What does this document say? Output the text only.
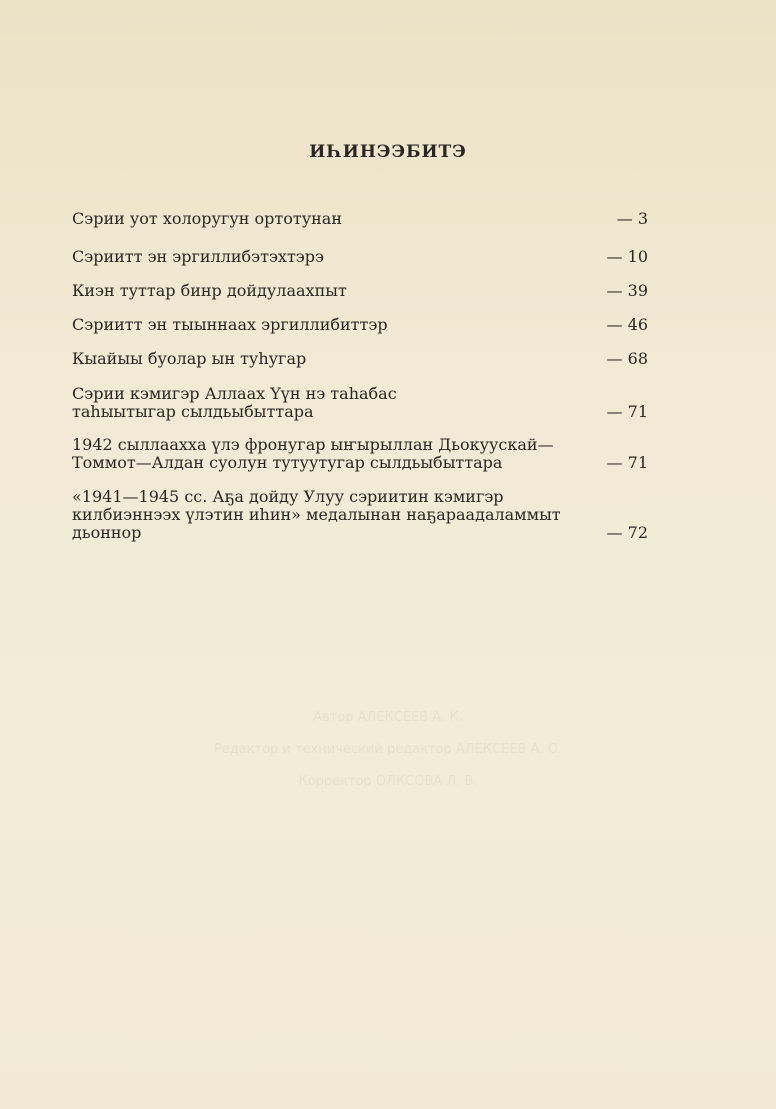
ИҺИНЭЭБИТЭ
Сэрии уот холоругун ортотунан	— 3
Сэриитт эн эргиллибэтэхтэрэ	— 10
Киэн туттар бинр дойдулаахпыт	— 39
Сэриитт эн тыыннаах эргиллибиттэр	— 46
Кыайыы буолар ын туһугар	— 68
Сэрии кэмигэр Аллаах Үүн нэ таһабас
таһыытыгар сылдьыбыттара	— 71
1942 сыллаахха үлэ фронугар ыҥырыллан Дьокуускай—
Томмот—Алдан суолун тутуутугар сылдьыбыттара	— 71
«1941—1945 сс. Аҕа дойду Улуу сэриитин кэмигэр
килбиэннээх үлэтин иһин» медалынан наҕараадаламмыт
дьоннор	— 72
Автор АЛЕКСЕЕВ А. К.
Редактор и технический редактор АЛЕКСЕЕВ А. О.
Корректор ОЛКСОВА Л. В.
